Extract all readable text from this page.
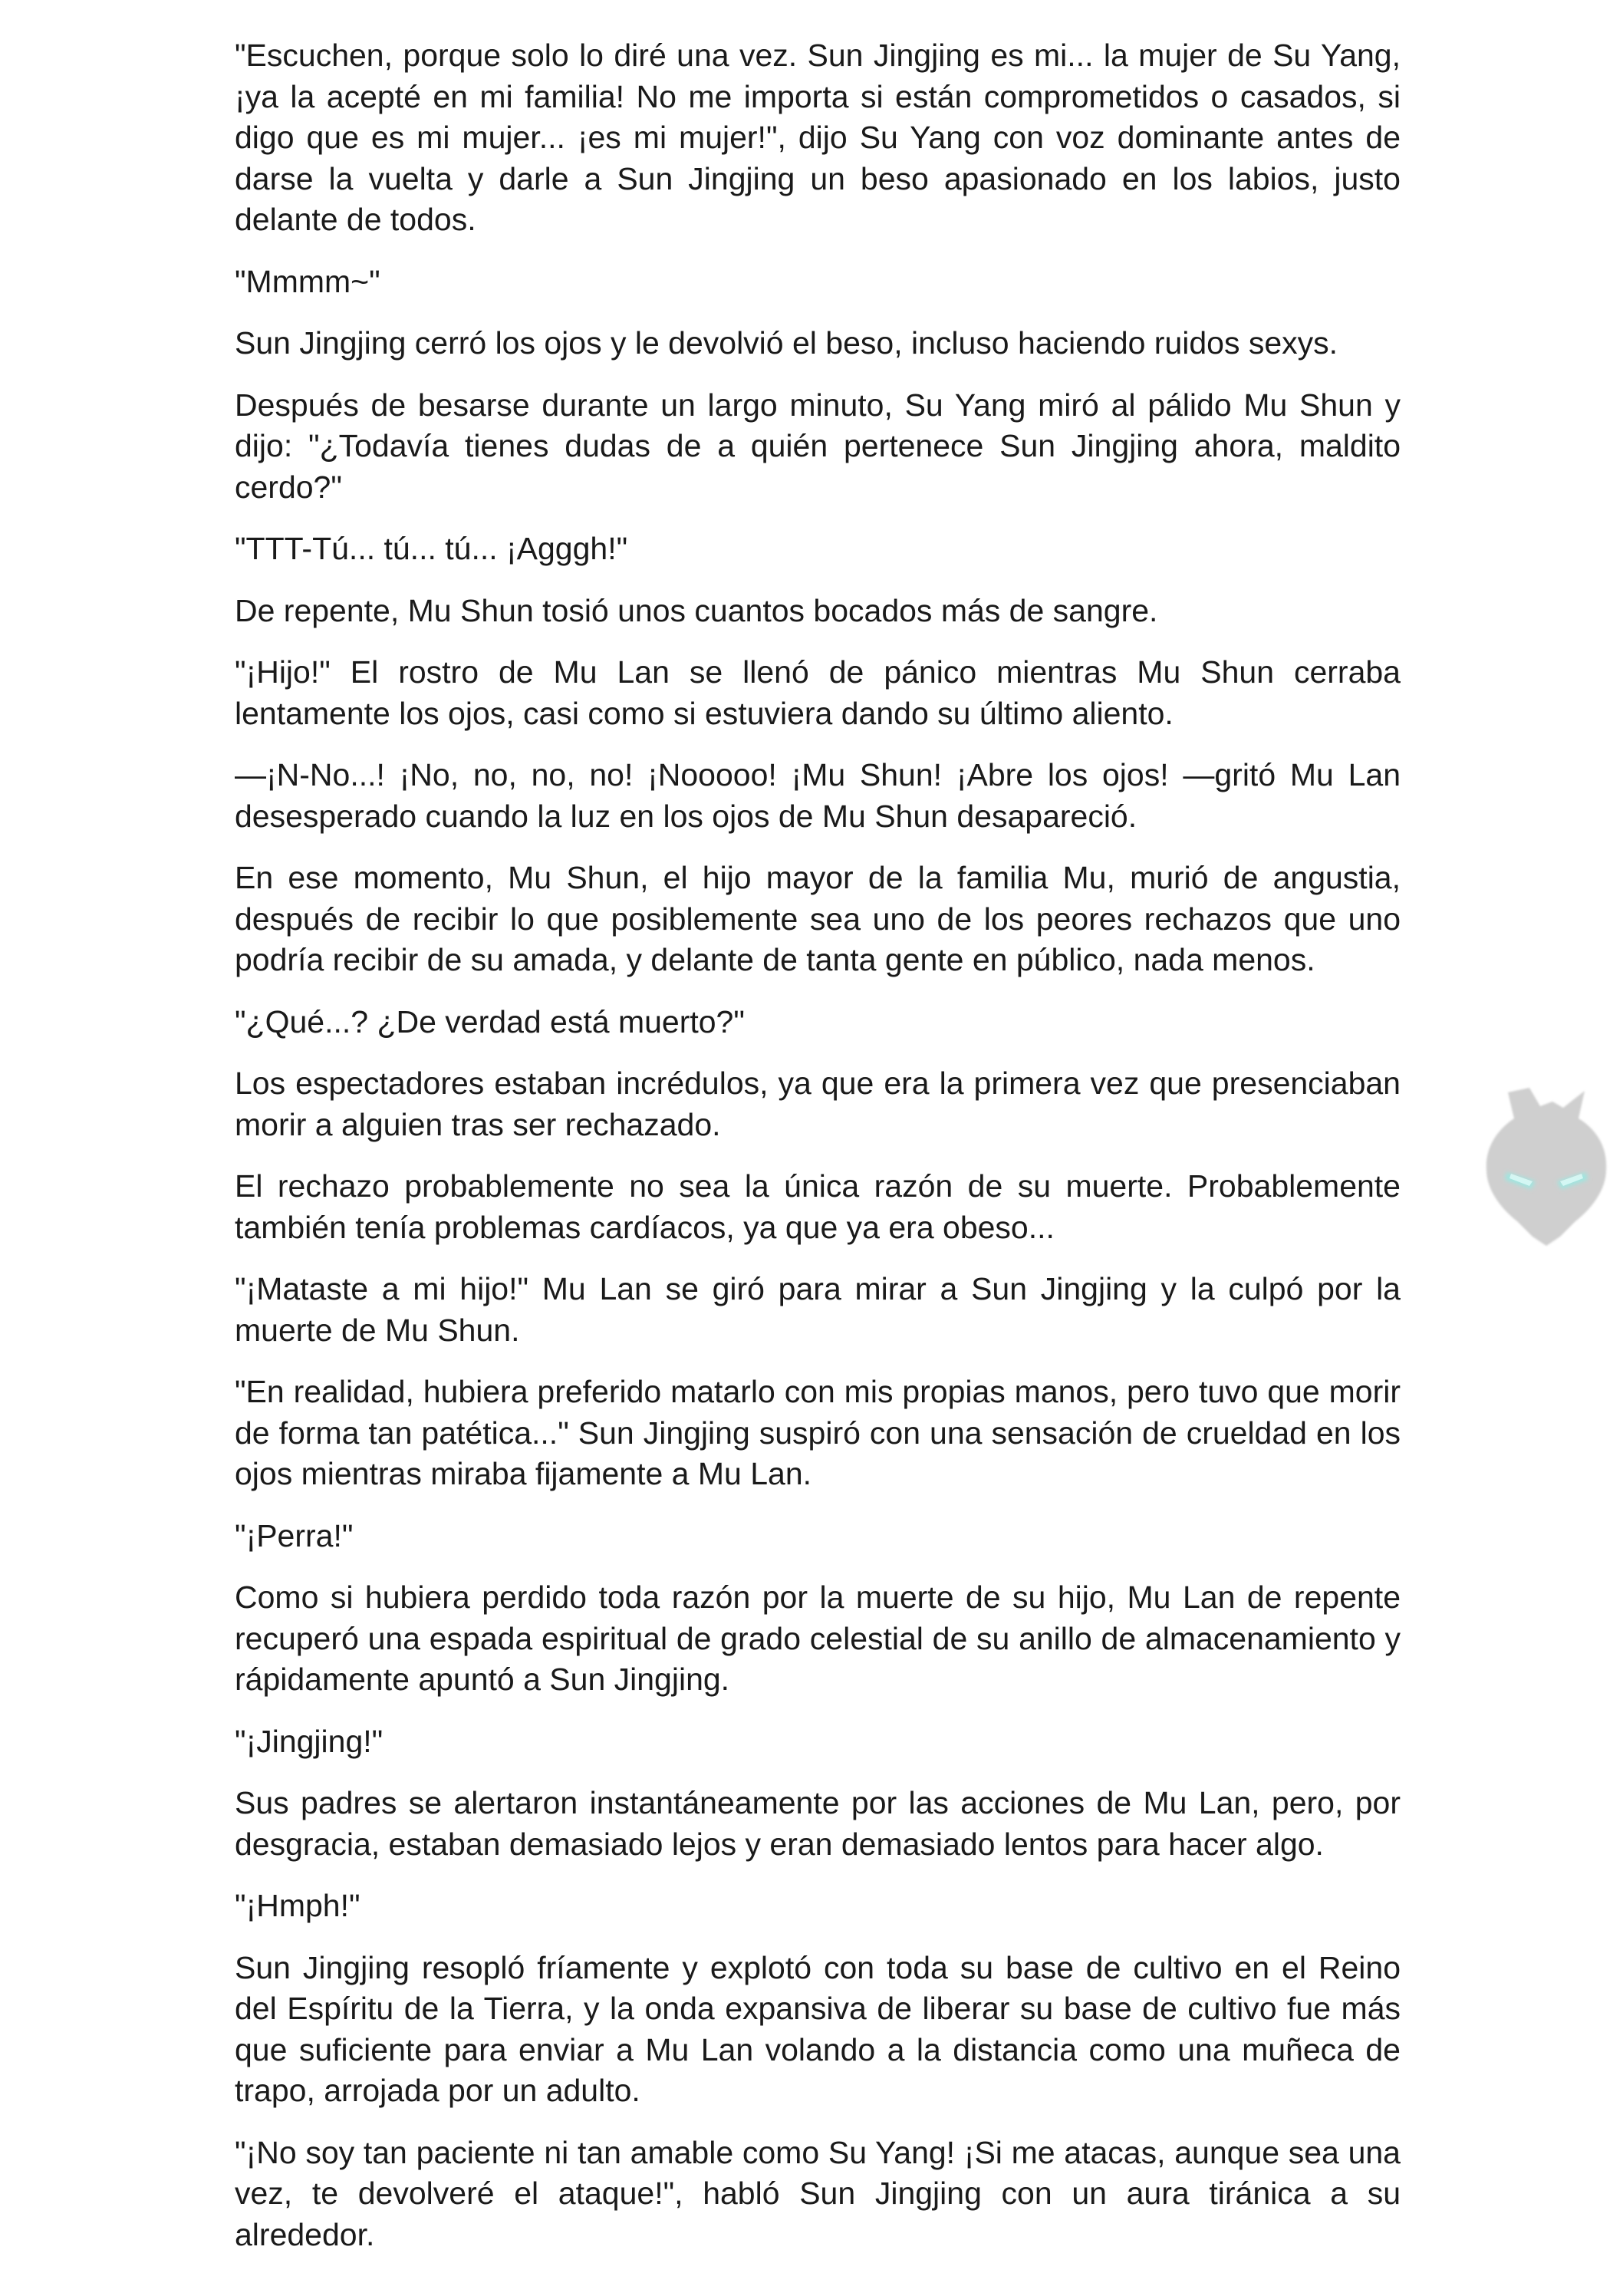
"Escuchen, porque solo lo diré una vez. Sun Jingjing es mi... la mujer de Su Yang, ¡ya la acepté en mi familia! No me importa si están comprometidos o casados, si digo que es mi mujer... ¡es mi mujer!", dijo Su Yang con voz dominante antes de darse la vuelta y darle a Sun Jingjing un beso apasionado en los labios, justo delante de todos.

"Mmmm~"

Sun Jingjing cerró los ojos y le devolvió el beso, incluso haciendo ruidos sexys.

Después de besarse durante un largo minuto, Su Yang miró al pálido Mu Shun y dijo: "¿Todavía tienes dudas de a quién pertenece Sun Jingjing ahora, maldito cerdo?"

"TTT-Tú... tú... tú... ¡Agggh!"

De repente, Mu Shun tosió unos cuantos bocados más de sangre.

"¡Hijo!" El rostro de Mu Lan se llenó de pánico mientras Mu Shun cerraba lentamente los ojos, casi como si estuviera dando su último aliento.

—¡N-No...! ¡No, no, no, no! ¡Nooooo! ¡Mu Shun! ¡Abre los ojos! —gritó Mu Lan desesperado cuando la luz en los ojos de Mu Shun desapareció.

En ese momento, Mu Shun, el hijo mayor de la familia Mu, murió de angustia, después de recibir lo que posiblemente sea uno de los peores rechazos que uno podría recibir de su amada, y delante de tanta gente en público, nada menos.

"¿Qué...? ¿De verdad está muerto?"

Los espectadores estaban incrédulos, ya que era la primera vez que presenciaban morir a alguien tras ser rechazado.

El rechazo probablemente no sea la única razón de su muerte. Probablemente también tenía problemas cardíacos, ya que ya era obeso...

"¡Mataste a mi hijo!" Mu Lan se giró para mirar a Sun Jingjing y la culpó por la muerte de Mu Shun.

"En realidad, hubiera preferido matarlo con mis propias manos, pero tuvo que morir de forma tan patética..." Sun Jingjing suspiró con una sensación de crueldad en los ojos mientras miraba fijamente a Mu Lan.

"¡Perra!"

Como si hubiera perdido toda razón por la muerte de su hijo, Mu Lan de repente recuperó una espada espiritual de grado celestial de su anillo de almacenamiento y rápidamente apuntó a Sun Jingjing.

"¡Jingjing!"

Sus padres se alertaron instantáneamente por las acciones de Mu Lan, pero, por desgracia, estaban demasiado lejos y eran demasiado lentos para hacer algo.

"¡Hmph!"

Sun Jingjing resopló fríamente y explotó con toda su base de cultivo en el Reino del Espíritu de la Tierra, y la onda expansiva de liberar su base de cultivo fue más que suficiente para enviar a Mu Lan volando a la distancia como una muñeca de trapo, arrojada por un adulto.

"¡No soy tan paciente ni tan amable como Su Yang! ¡Si me atacas, aunque sea una vez, te devolveré el ataque!", habló Sun Jingjing con un aura tiránica a su alrededor.
